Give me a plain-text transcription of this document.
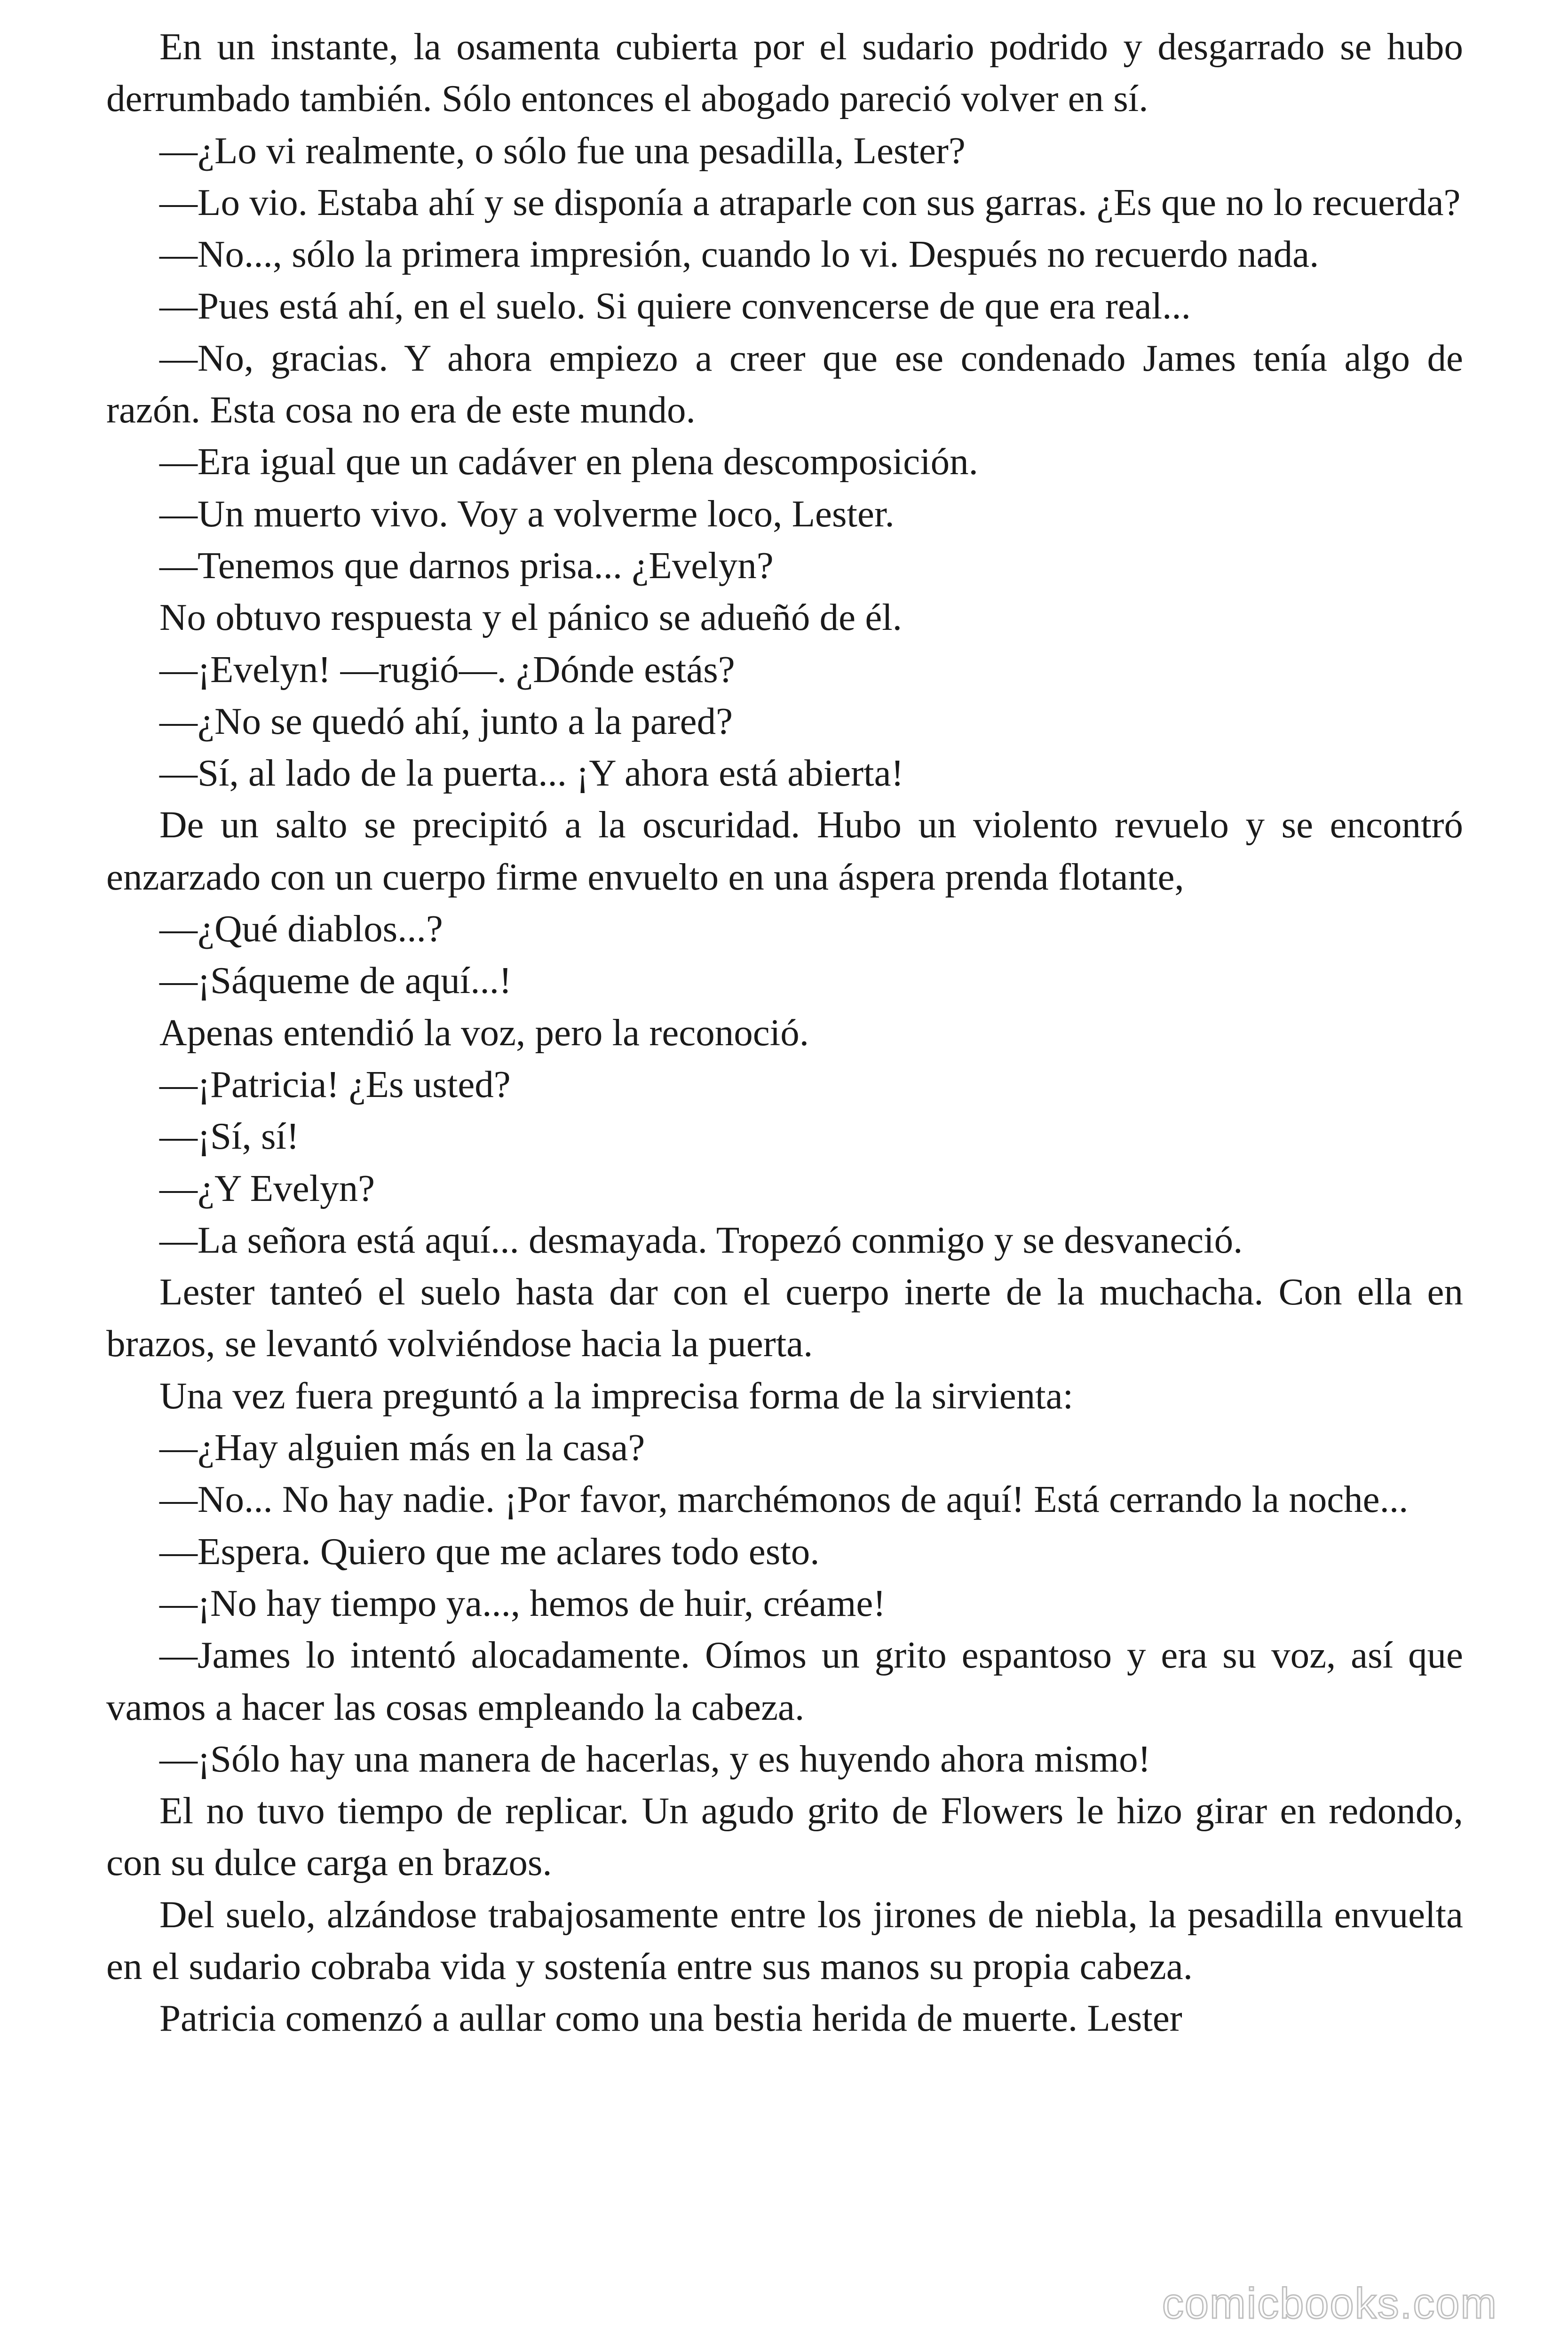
En un instante, la osamenta cubierta por el sudario podrido y desgarrado se hubo derrumbado también. Sólo entonces el abogado pareció volver en sí.

—¿Lo vi realmente, o sólo fue una pesadilla, Lester?

—Lo vio. Estaba ahí y se disponía a atraparle con sus garras. ¿Es que no lo recuerda?

—No..., sólo la primera impresión, cuando lo vi. Después no recuerdo nada.

—Pues está ahí, en el suelo. Si quiere convencerse de que era real...

—No, gracias. Y ahora empiezo a creer que ese condenado James tenía algo de razón. Esta cosa no era de este mundo.

—Era igual que un cadáver en plena descomposición.

—Un muerto vivo. Voy a volverme loco, Lester.

—Tenemos que darnos prisa... ¿Evelyn?

No obtuvo respuesta y el pánico se adueñó de él.

—¡Evelyn! —rugió—. ¿Dónde estás?

—¿No se quedó ahí, junto a la pared?

—Sí, al lado de la puerta... ¡Y ahora está abierta!

De un salto se precipitó a la oscuridad. Hubo un violento revuelo y se encontró enzarzado con un cuerpo firme envuelto en una áspera prenda flotante,

—¿Qué diablos...?

—¡Sáqueme de aquí...!

Apenas entendió la voz, pero la reconoció.

—¡Patricia! ¿Es usted?

—¡Sí, sí!

—¿Y Evelyn?

—La señora está aquí... desmayada. Tropezó conmigo y se desvaneció.

Lester tanteó el suelo hasta dar con el cuerpo inerte de la muchacha. Con ella en brazos, se levantó volviéndose hacia la puerta.

Una vez fuera preguntó a la imprecisa forma de la sirvienta:

—¿Hay alguien más en la casa?

—No... No hay nadie. ¡Por favor, marchémonos de aquí! Está cerrando la noche...

—Espera. Quiero que me aclares todo esto.

—¡No hay tiempo ya..., hemos de huir, créame!

—James lo intentó alocadamente. Oímos un grito espantoso y era su voz, así que vamos a hacer las cosas empleando la cabeza.

—¡Sólo hay una manera de hacerlas, y es huyendo ahora mismo!

El no tuvo tiempo de replicar. Un agudo grito de Flowers le hizo girar en redondo, con su dulce carga en brazos.

Del suelo, alzándose trabajosamente entre los jirones de niebla, la pesadilla envuelta en el sudario cobraba vida y sostenía entre sus manos su propia cabeza.

Patricia comenzó a aullar como una bestia herida de muerte. Lester

comicbooks.com
